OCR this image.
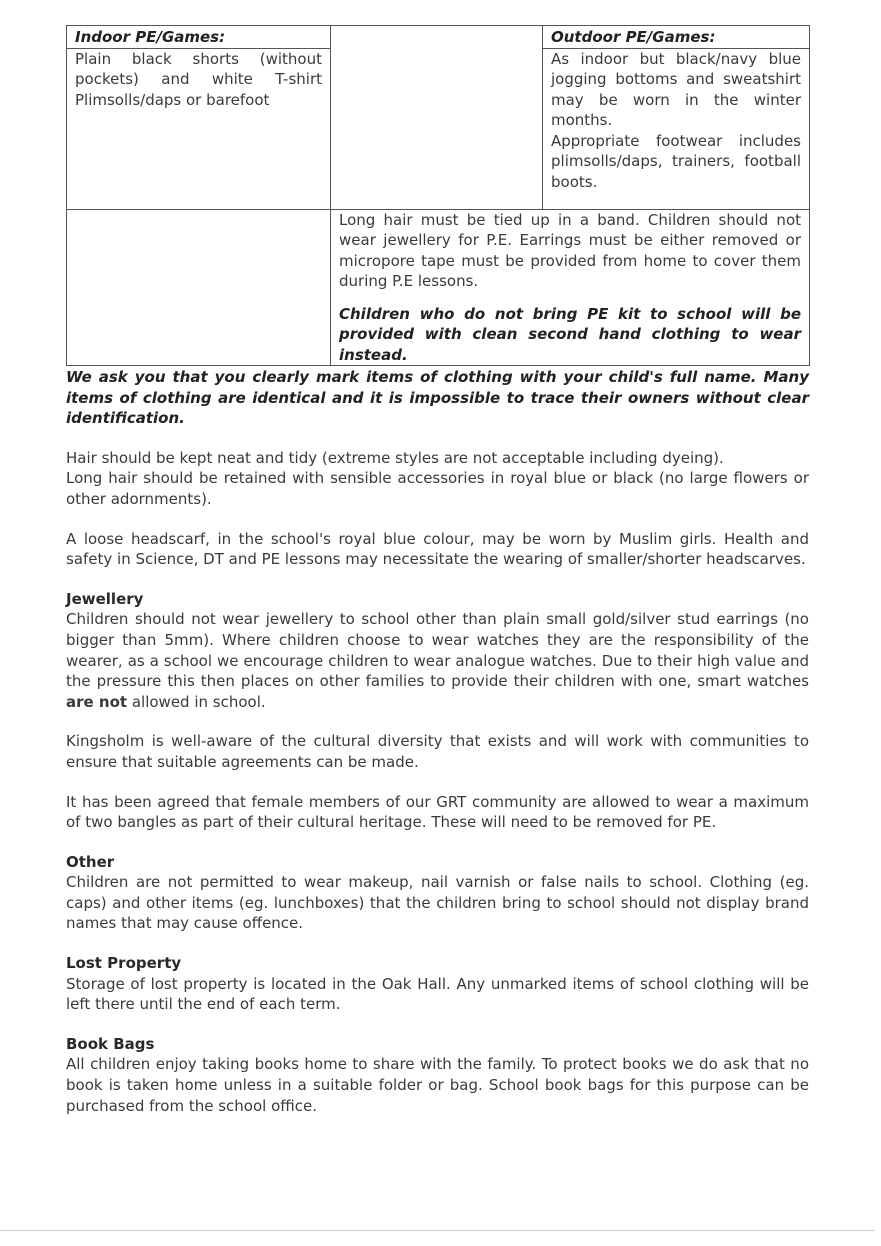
Indoor PE/Games:		Outdoor PE/Games:

Plain black shorts (without pockets) and white T-shirt Plimsolls/daps or barefoot		As indoor but black/navy blue jogging bottoms and sweatshirt may be worn in the winter months.

Appropriate footwear includes plimsolls/daps, trainers, football boots.

	Long hair must be tied up in a band. Children should not wear jewellery for P.E. Earrings must be either removed or micropore tape must be provided from home to cover them during P.E lessons.

Children who do not bring PE kit to school will be provided with clean second hand clothing to wear instead.	

We ask you that you clearly mark items of clothing with your child's full name. Many items of clothing are identical and it is impossible to trace their owners without clear identification.

Hair should be kept neat and tidy (extreme styles are not acceptable including dyeing).

Long hair should be retained with sensible accessories in royal blue or black (no large flowers or other adornments).

A loose headscarf, in the school's royal blue colour, may be worn by Muslim girls. Health and safety in Science, DT and PE lessons may necessitate the wearing of smaller/shorter headscarves.

Jewellery

Children should not wear jewellery to school other than plain small gold/silver stud earrings (no bigger than 5mm). Where children choose to wear watches they are the responsibility of the wearer, as a school we encourage children to wear analogue watches. Due to their high value and the pressure this then places on other families to provide their children with one, smart watches are not allowed in school.

Kingsholm is well-aware of the cultural diversity that exists and will work with communities to ensure that suitable agreements can be made.

It has been agreed that female members of our GRT community are allowed to wear a maximum of two bangles as part of their cultural heritage. These will need to be removed for PE.

Other

Children are not permitted to wear makeup, nail varnish or false nails to school. Clothing (eg. caps) and other items (eg. lunchboxes) that the children bring to school should not display brand names that may cause offence.

Lost Property

Storage of lost property is located in the Oak Hall. Any unmarked items of school clothing will be left there until the end of each term.

Book Bags

All children enjoy taking books home to share with the family. To protect books we do ask that no book is taken home unless in a suitable folder or bag. School book bags for this purpose can be purchased from the school office.
